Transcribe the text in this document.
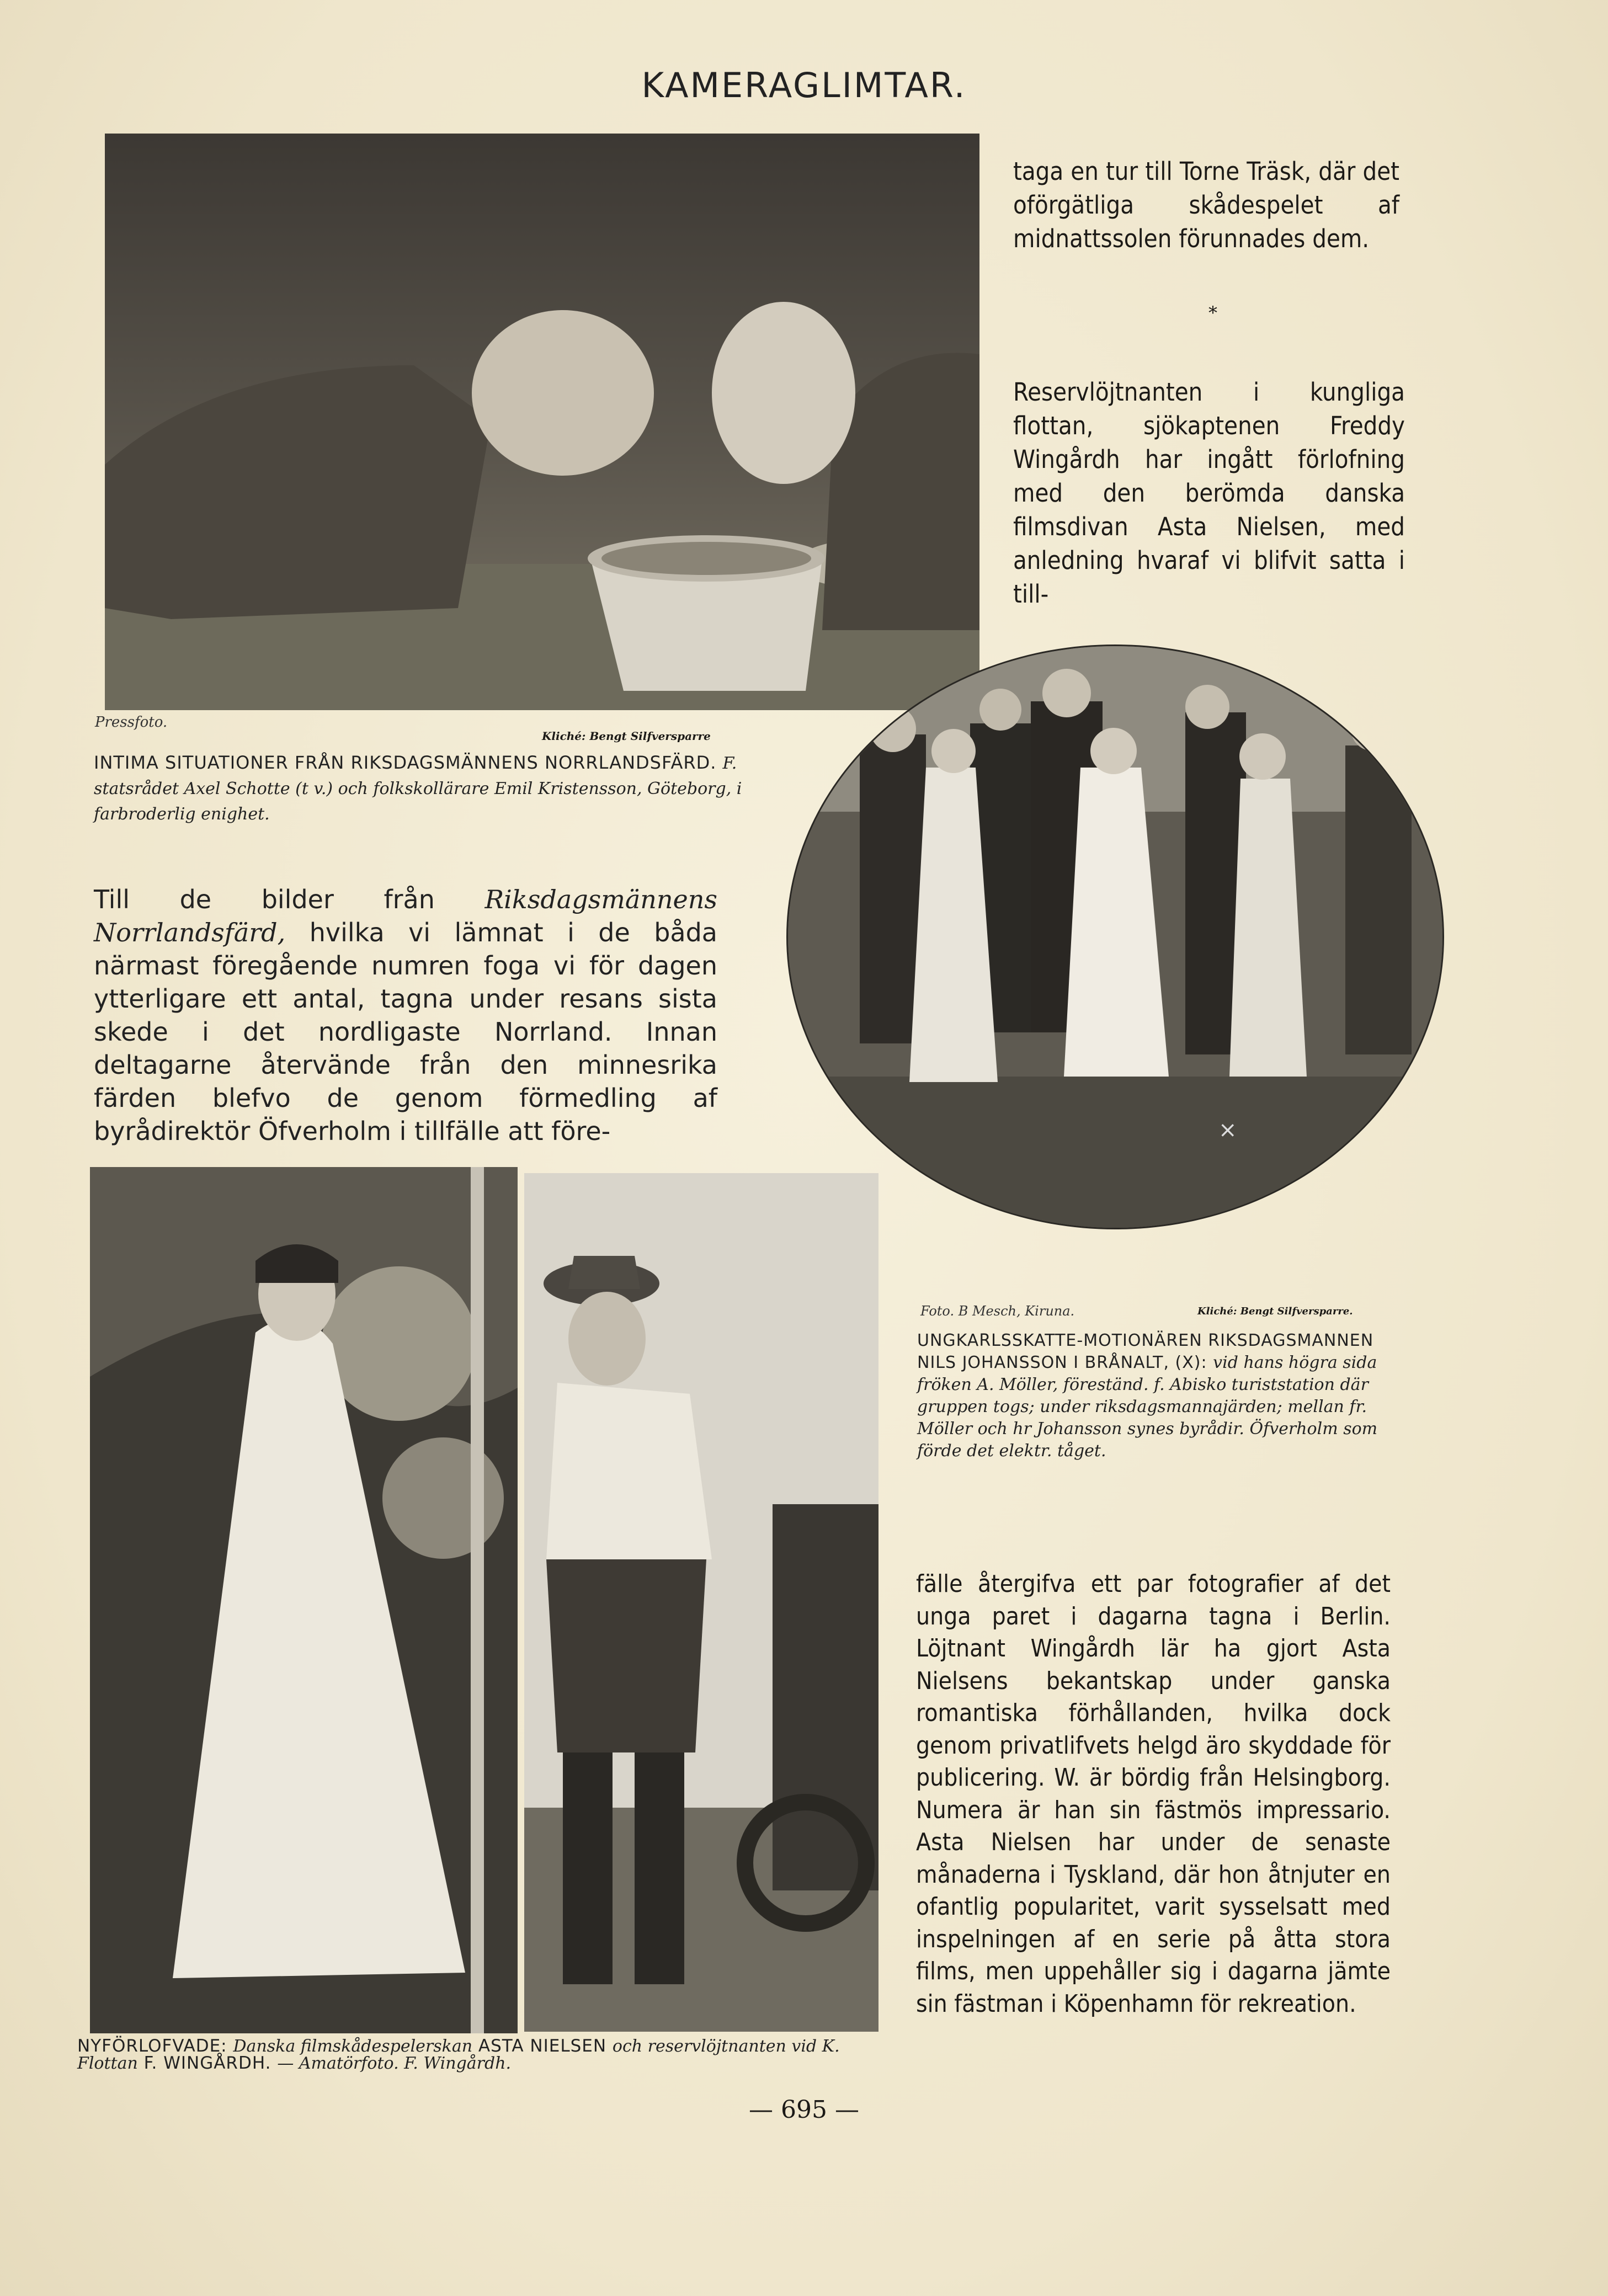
KAMERAGLIMTAR.
Pressfoto.
Kliché: Bengt Silfversparre
INTIMA SITUATIONER FRÅN RIKSDAGSMÄNNENS NORRLANDSFÄRD. F. statsrådet Axel Schotte (t v.) och folkskollärare Emil Kristensson, Göteborg, i farbroderlig enighet.

taga en tur till Torne Träsk, där det oförgätliga skådespelet af midnattssolen förunnades dem.

*

Reservlöjtnanten i kungliga flottan, sjökaptenen Freddy Wingårdh har ingått förlofning med den berömda danska filmsdivan Asta Nielsen, med anledning hvaraf vi blifvit satta i till-

Till de bilder från Riksdagsmännens Norrlandsfärd, hvilka vi lämnat i de båda närmast föregående numren foga vi för dagen ytterligare ett antal, tagna under resans sista skede i det nordligaste Norrland. Innan deltagarne återvände från den minnesrika färden blefvo de genom förmedling af byrådirektör Öfverholm i tillfälle att före-	×
Foto. B Mesch, Kiruna.	Kliché: Bengt Silfversparre.
UNGKARLSSKATTE-MOTIONÄREN RIKSDAGSMANNEN NILS JOHANSSON I BRÅNALT, (X): vid hans högra sida fröken A. Möller, föreständ. f. Abisko turiststation där gruppen togs; under riksdagsmannajärden; mellan fr. Möller och hr Johansson synes byrådir. Öfverholm som förde det elektr. tåget.

fälle återgifva ett par fotografier af det unga paret i dagarna tagna i Berlin. Löjtnant Wingårdh lär ha gjort Asta Nielsens bekantskap under ganska romantiska förhållanden, hvilka dock genom privatlifvets helgd äro skyddade för publicering. W. är bördig från Helsingborg. Numera är han sin fästmös impressario. Asta Nielsen har under de senaste månaderna i Tyskland, där hon åtnjuter en ofantlig popularitet, varit sysselsatt med inspelningen af en serie på åtta stora films, men uppehåller sig i dagarna jämte sin fästman i Köpenhamn för rekreation.

NYFÖRLOFVADE: Danska filmskådespelerskan ASTA NIELSEN och reservlöjtnanten vid K. Flottan F. WINGÅRDH. — Amatörfoto. F. Wingårdh.
— 695 —
